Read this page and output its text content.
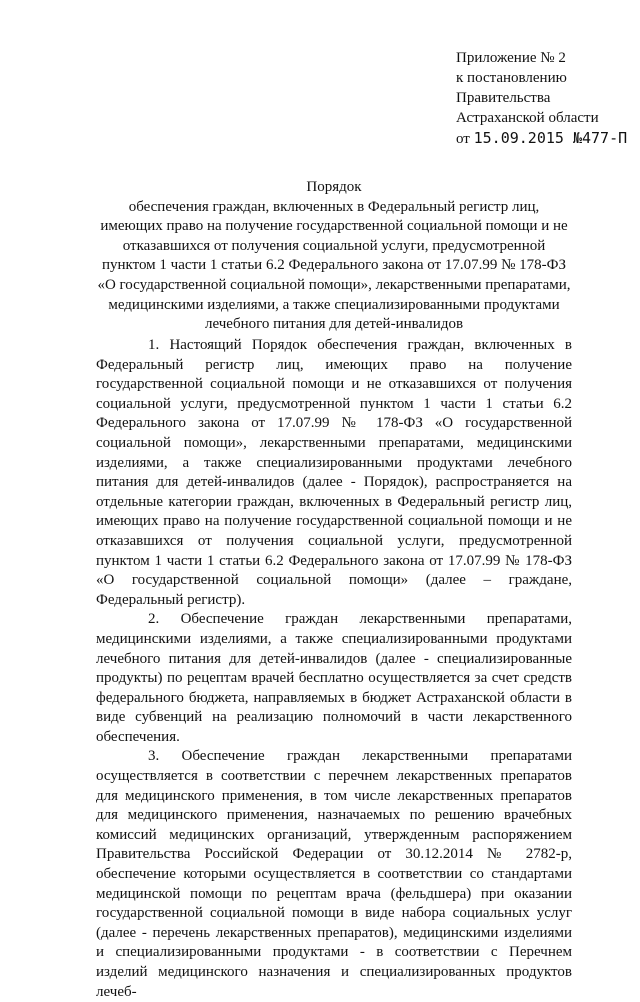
Приложение № 2
к постановлению
Правительства
Астраханской области
от 15.09.2015 №477-П
Порядок
обеспечения граждан, включенных в Федеральный регистр лиц, имеющих право на получение государственной социальной помощи и не отказавшихся от получения социальной услуги, предусмотренной пунктом 1 части 1 статьи 6.2 Федерального закона от 17.07.99 № 178-ФЗ «О государственной социальной помощи», лекарственными препаратами, медицинскими изделиями, а также специализированными продуктами лечебного питания для детей-инвалидов

1. Настоящий Порядок обеспечения граждан, включенных в Федеральный регистр лиц, имеющих право на получение государственной социальной помощи и не отказавшихся от получения социальной услуги, предусмотренной пунктом 1 части 1 статьи 6.2 Федерального закона от 17.07.99 № 178-ФЗ «О государственной социальной помощи», лекарственными препаратами, медицинскими изделиями, а также специализированными продуктами лечебного питания для детей-инвалидов (далее - Порядок), распространяется на отдельные категории граждан, включенных в Федеральный регистр лиц, имеющих право на получение государственной социальной помощи и не отказавшихся от получения социальной услуги, предусмотренной пунктом 1 части 1 статьи 6.2 Федерального закона от 17.07.99 № 178-ФЗ «О государственной социальной помощи» (далее – граждане, Федеральный регистр).

2. Обеспечение граждан лекарственными препаратами, медицинскими изделиями, а также специализированными продуктами лечебного питания для детей-инвалидов (далее - специализированные продукты) по рецептам врачей бесплатно осуществляется за счет средств федерального бюджета, направляемых в бюджет Астраханской области в виде субвенций на реализацию полномочий в части лекарственного обеспечения.

3. Обеспечение граждан лекарственными препаратами осуществляется в соответствии с перечнем лекарственных препаратов для медицинского применения, в том числе лекарственных препаратов для медицинского применения, назначаемых по решению врачебных комиссий медицинских организаций, утвержденным распоряжением Правительства Российской Федерации от 30.12.2014 № 2782-р, обеспечение которыми осуществляется в соответствии со стандартами медицинской помощи по рецептам врача (фельдшера) при оказании государственной социальной помощи в виде набора социальных услуг (далее - перечень лекарственных препаратов), медицинскими изделиями и специализированными продуктами - в соответствии с Перечнем изделий медицинского назначения и специализированных продуктов лечеб-
